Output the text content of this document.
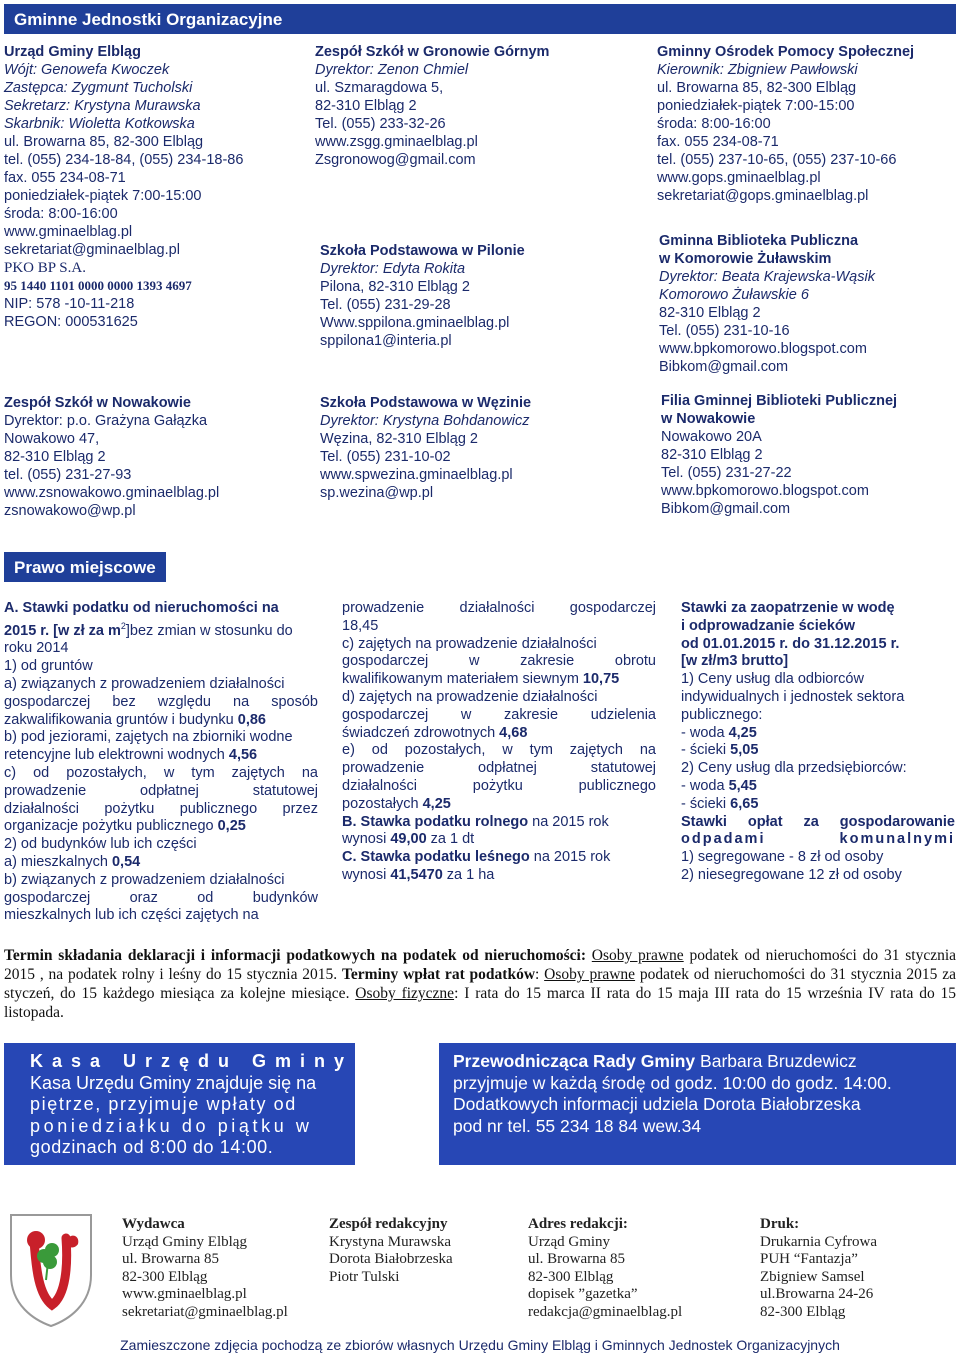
Gminne Jednostki Organizacyjne
Urząd Gminy Elbląg
Wójt: Genowefa Kwoczek
Zastępca: Zygmunt Tucholski
Sekretarz: Krystyna Murawska
Skarbnik: Wioletta Kotkowska
ul. Browarna 85, 82-300 Elbląg
tel. (055) 234-18-84, (055) 234-18-86
fax. 055 234-08-71
poniedziałek-piątek 7:00-15:00
środa: 8:00-16:00
www.gminaelblag.pl
sekretariat@gminaelblag.pl
PKO BP S.A.
95 1440 1101 0000 0000 1393 4697
NIP: 578 -10-11-218
REGON: 000531625
Zespół Szkół w Gronowie Górnym
Dyrektor: Zenon Chmiel
ul. Szmaragdowa 5,
82-310 Elbląg 2
Tel. (055) 233-32-26
www.zsgg.gminaelblag.pl
Zsgronowog@gmail.com
Gminny Ośrodek Pomocy Społecznej
Kierownik: Zbigniew Pawłowski
ul. Browarna 85, 82-300 Elbląg
poniedziałek-piątek 7:00-15:00
środa: 8:00-16:00
fax. 055 234-08-71
tel. (055) 237-10-65, (055) 237-10-66
www.gops.gminaelblag.pl
sekretariat@gops.gminaelblag.pl
Szkoła Podstawowa w Pilonie
Dyrektor: Edyta Rokita
Pilona, 82-310 Elbląg 2
Tel. (055) 231-29-28
Www.sppilona.gminaelblag.pl
sppilona1@interia.pl
Gminna Biblioteka Publiczna
w Komorowie Żuławskim
Dyrektor: Beata Krajewska-Wąsik
Komorowo Żuławskie 6
82-310 Elbląg 2
Tel. (055) 231-10-16
www.bpkomorowo.blogspot.com
Bibkom@gmail.com
Zespół Szkół w Nowakowie
Dyrektor: p.o. Grażyna Gałązka
Nowakowo 47,
82-310 Elbląg 2
tel. (055) 231-27-93
www.zsnowakowo.gminaelblag.pl
zsnowakowo@wp.pl
Szkoła Podstawowa w Węzinie
Dyrektor: Krystyna Bohdanowicz
Węzina, 82-310 Elbląg 2
Tel. (055) 231-10-02
www.spwezina.gminaelblag.pl
sp.wezina@wp.pl
Filia Gminnej Biblioteki Publicznej
w Nowakowie
Nowakowo 20A
82-310 Elbląg 2
Tel. (055) 231-27-22
www.bpkomorowo.blogspot.com
Bibkom@gmail.com
Prawo miejscowe
A. Stawki podatku od nieruchomości na
2015 r. [w zł za $m^2]bez$ zmian w stosunku do
roku 2014
1) od gruntów
a) związanych z prowadzeniem działalności
gospodarczej bez względu na sposób
zakwalifikowania gruntów i budynku 0,86
b) pod jeziorami, zajętych na zbiorniki wodne
retencyjne lub elektrowni wodnych 4,56
c) od pozostałych, w tym zajętych na
prowadzenie odpłatnej statutowej
działalności pożytku publicznego przez
organizacje pożytku publicznego 0,25
2) od budynków lub ich części
a) mieszkalnych 0,54
b) związanych z prowadzeniem działalności
gospodarczej oraz od budynków
mieszkalnych lub ich części zajętych na
prowadzenie działalności gospodarczej
18,45
c) zajętych na prowadzenie działalności
gospodarczej w zakresie obrotu
kwalifikowanym materiałem siewnym 10,75
d) zajętych na prowadzenie działalności
gospodarczej w zakresie udzielenia
świadczeń zdrowotnych 4,68
e) od pozostałych, w tym zajętych na
prowadzenie odpłatnej statutowej
działalności pożytku publicznego
pozostałych 4,25
B. Stawka podatku rolnego na 2015 rok
wynosi 49,00 za 1 dt
C. Stawka podatku leśnego na 2015 rok
wynosi 41,5470 za 1 ha
Stawki za zaopatrzenie w wodę
i odprowadzanie ścieków
od 01.01.2015 r. do 31.12.2015 r.
[w zł/m3 brutto]
1) Ceny usług dla odbiorców
indywidualnych i jednostek sektora
publicznego:
- woda 4,25
- ścieki 5,05
2) Ceny usług dla przedsiębiorców:
- woda 5,45
- ścieki 6,65
Stawki opłat za gospodarowanie
odpadami komunalnymi
1) segregowane - 8 zł od osoby
2) niesegregowane 12 zł od osoby
Termin składania deklaracji i informacji podatkowych na podatek od nieruchomości: Osoby prawne podatek od nieruchomości do 31 stycznia 2015 , na podatek rolny i leśny do 15 stycznia 2015. Terminy wpłat rat podatków: Osoby prawne podatek od nieruchomości do 31 stycznia 2015 za styczeń, do 15 każdego miesiąca za kolejne miesiące. Osoby fizyczne: I rata do 15 marca II rata do 15 maja III rata do 15 września IV rata do 15 listopada.
Kasa Urzędu Gminy
Kasa Urzędu Gminy znajduje się na
piętrze, przyjmuje wpłaty od
poniedziałku do piątku w
godzinach od 8:00 do 14:00.
Przewodnicząca Rady Gminy Barbara Bruzdewicz
przyjmuje w każdą środę od godz. 10:00 do godz. 14:00.
Dodatkowych informacji udziela Dorota Białobrzeska
pod nr tel. 55 234 18 84 wew.34
Wydawca
Urząd Gminy Elbląg
ul. Browarna 85
82-300 Elbląg
www.gminaelblag.pl
sekretariat@gminaelblag.pl
Zespół redakcyjny
Krystyna Murawska
Dorota Białobrzeska
Piotr Tulski
Adres redakcji:
Urząd Gminy
ul. Browarna 85
82-300 Elbląg
dopisek ”gazetka”
redakcja@gminaelblag.pl
Druk:
Drukarnia Cyfrowa
PUH “Fantazja”
Zbigniew Samsel
ul.Browarna 24-26
82-300 Elbląg
Zamieszczone zdjęcia pochodzą ze zbiorów własnych Urzędu Gminy Elbląg i Gminnych Jednostek Organizacyjnych
